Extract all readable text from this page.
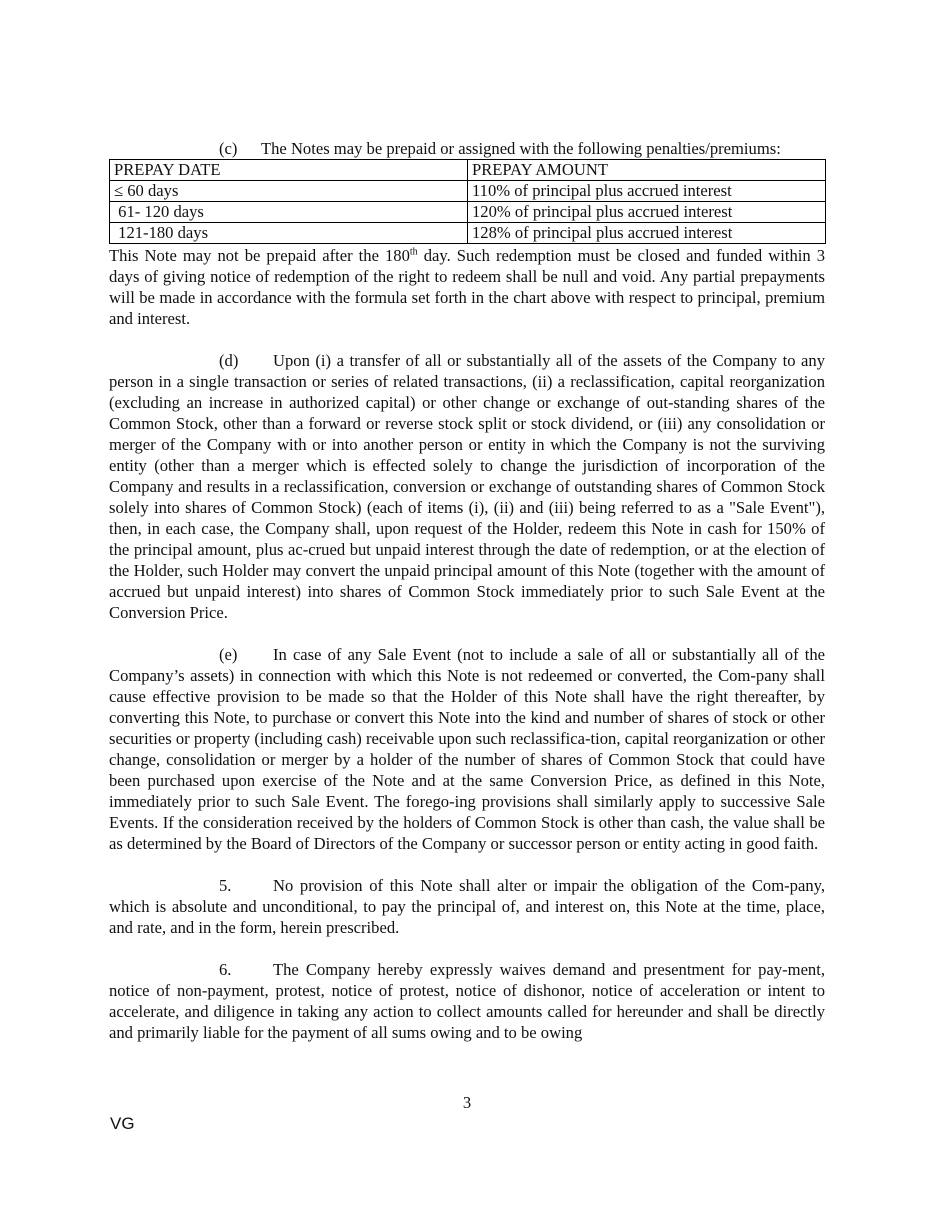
(c) The Notes may be prepaid or assigned with the following penalties/premiums:
PREPAY DATE	PREPAY AMOUNT
≤ 60 days	110% of principal plus accrued interest
61- 120 days	120% of principal plus accrued interest
121-180 days	128% of principal plus accrued interest

This Note may not be prepaid after the 180th day. Such redemption must be closed and funded within 3 days of giving notice of redemption of the right to redeem shall be null and void. Any partial prepayments will be made in accordance with the formula set forth in the chart above with respect to principal, premium and interest.

(d) Upon (i) a transfer of all or substantially all of the assets of the Company to any person in a single transaction or series of related transactions, (ii) a reclassification, capital reorganization (excluding an increase in authorized capital) or other change or exchange of out-standing shares of the Common Stock, other than a forward or reverse stock split or stock dividend, or (iii) any consolidation or merger of the Company with or into another person or entity in which the Company is not the surviving entity (other than a merger which is effected solely to change the jurisdiction of incorporation of the Company and results in a reclassification, conversion or exchange of outstanding shares of Common Stock solely into shares of Common Stock) (each of items (i), (ii) and (iii) being referred to as a "Sale Event"), then, in each case, the Company shall, upon request of the Holder, redeem this Note in cash for 150% of the principal amount, plus ac-crued but unpaid interest through the date of redemption, or at the election of the Holder, such Holder may convert the unpaid principal amount of this Note (together with the amount of accrued but unpaid interest) into shares of Common Stock immediately prior to such Sale Event at the Conversion Price.

(e) In case of any Sale Event (not to include a sale of all or substantially all of the Company’s assets) in connection with which this Note is not redeemed or converted, the Com-pany shall cause effective provision to be made so that the Holder of this Note shall have the right thereafter, by converting this Note, to purchase or convert this Note into the kind and number of shares of stock or other securities or property (including cash) receivable upon such reclassifica-tion, capital reorganization or other change, consolidation or merger by a holder of the number of shares of Common Stock that could have been purchased upon exercise of the Note and at the same Conversion Price, as defined in this Note, immediately prior to such Sale Event. The forego-ing provisions shall similarly apply to successive Sale Events. If the consideration received by the holders of Common Stock is other than cash, the value shall be as determined by the Board of Directors of the Company or successor person or entity acting in good faith.

5.	No provision of this Note shall alter or impair the obligation of the Com-pany, which is absolute and unconditional, to pay the principal of, and interest on, this Note at the time, place, and rate, and in the form, herein prescribed.

6.	The Company hereby expressly waives demand and presentment for pay-ment, notice of non-payment, protest, notice of protest, notice of dishonor, notice of acceleration or intent to accelerate, and diligence in taking any action to collect amounts called for hereunder and shall be directly and primarily liable for the payment of all sums owing and to be owing

3
VG
